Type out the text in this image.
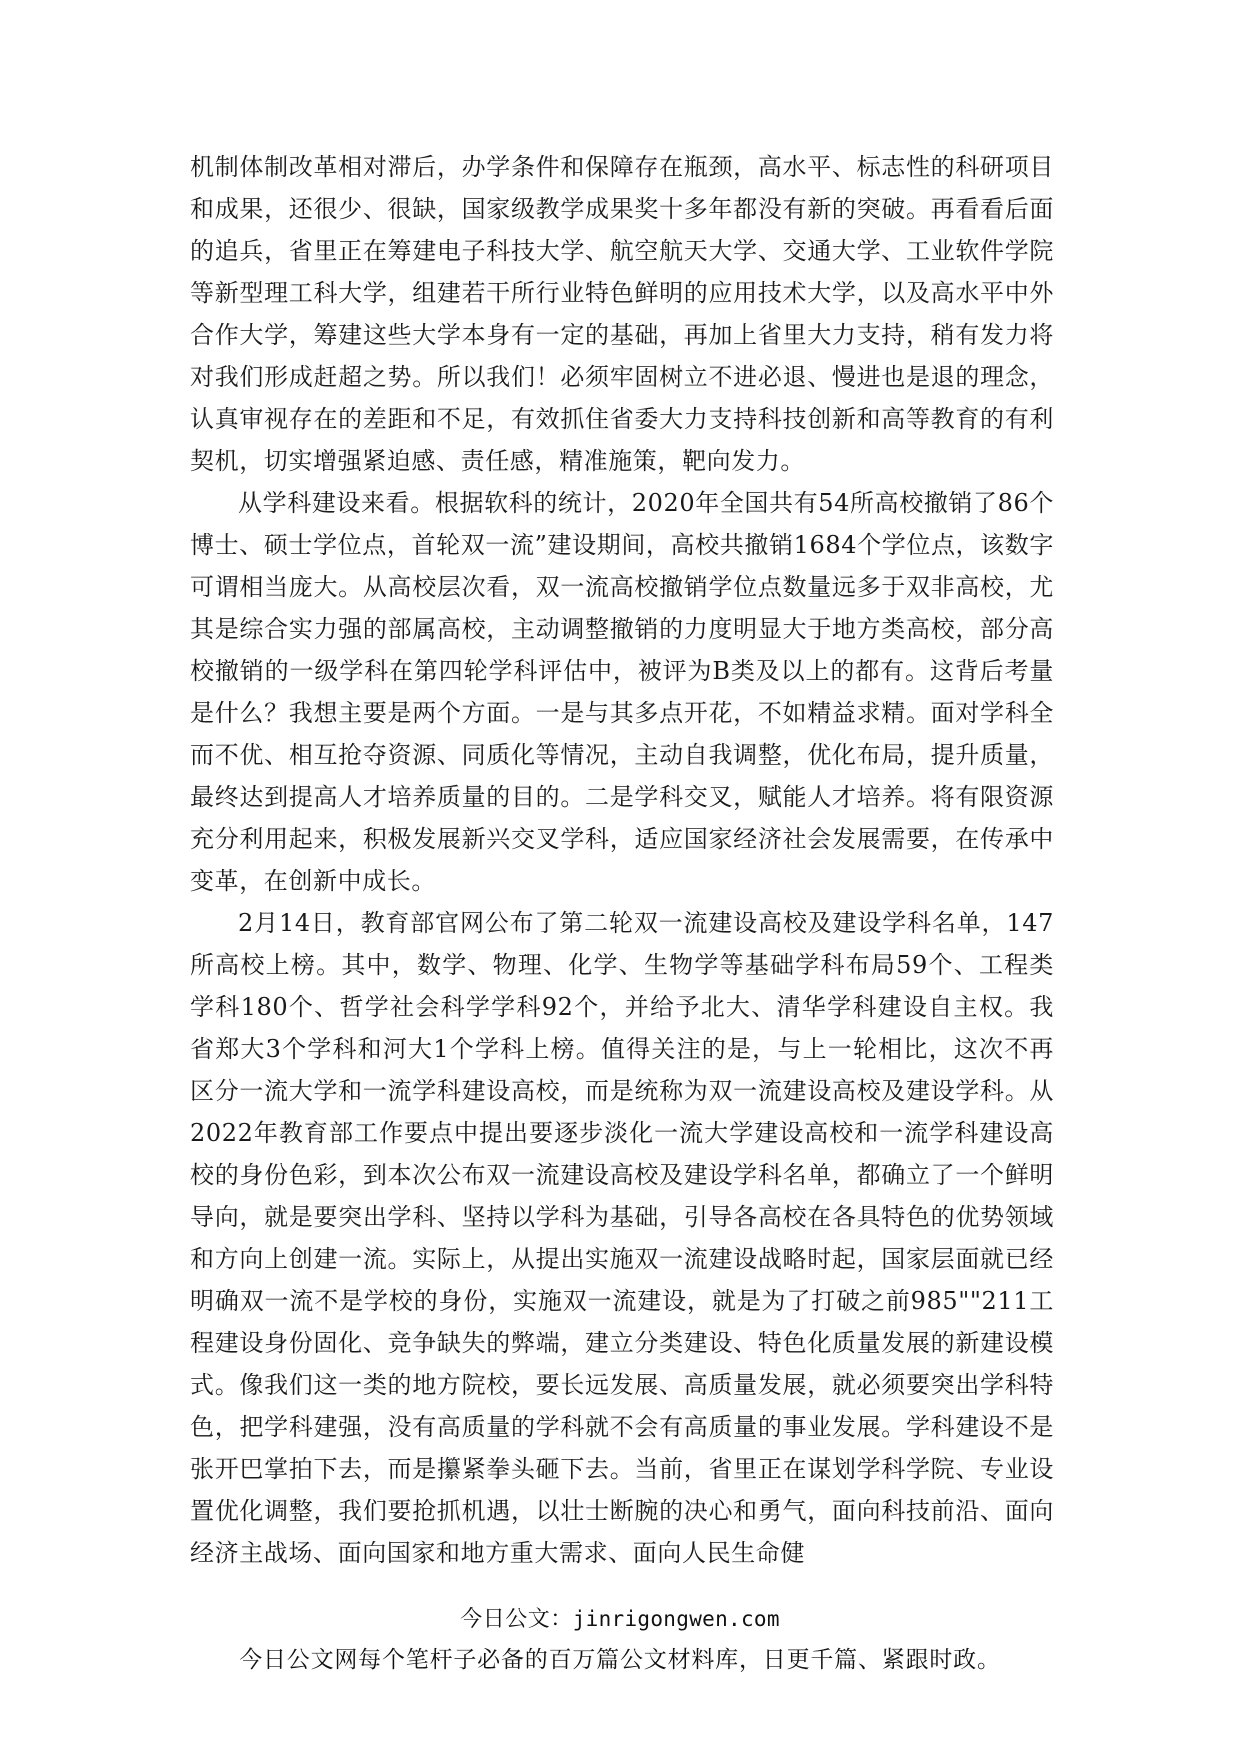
机制体制改革相对滞后，办学条件和保障存在瓶颈，高水平、标志性的科研项目和成果，还很少、很缺，国家级教学成果奖十多年都没有新的突破。再看看后面的追兵，省里正在筹建电子科技大学、航空航天大学、交通大学、工业软件学院等新型理工科大学，组建若干所行业特色鲜明的应用技术大学，以及高水平中外合作大学，筹建这些大学本身有一定的基础，再加上省里大力支持，稍有发力将对我们形成赶超之势。所以我们！必须牢固树立不进必退、慢进也是退的理念，认真审视存在的差距和不足，有效抓住省委大力支持科技创新和高等教育的有利契机，切实增强紧迫感、责任感，精准施策，靶向发力。

从学科建设来看。根据软科的统计，2020年全国共有54所高校撤销了86个博士、硕士学位点，首轮双一流”建设期间，高校共撤销1684个学位点，该数字可谓相当庞大。从高校层次看，双一流高校撤销学位点数量远多于双非高校，尤其是综合实力强的部属高校，主动调整撤销的力度明显大于地方类高校，部分高校撤销的一级学科在第四轮学科评估中，被评为B类及以上的都有。这背后考量是什么？我想主要是两个方面。一是与其多点开花，不如精益求精。面对学科全而不优、相互抢夺资源、同质化等情况，主动自我调整，优化布局，提升质量，最终达到提高人才培养质量的目的。二是学科交叉，赋能人才培养。将有限资源充分利用起来，积极发展新兴交叉学科，适应国家经济社会发展需要，在传承中变革，在创新中成长。

2月14日，教育部官网公布了第二轮双一流建设高校及建设学科名单，147所高校上榜。其中，数学、物理、化学、生物学等基础学科布局59个、工程类学科180个、哲学社会科学学科92个，并给予北大、清华学科建设自主权。我省郑大3个学科和河大1个学科上榜。值得关注的是，与上一轮相比，这次不再区分一流大学和一流学科建设高校，而是统称为双一流建设高校及建设学科。从2022年教育部工作要点中提出要逐步淡化一流大学建设高校和一流学科建设高校的身份色彩，到本次公布双一流建设高校及建设学科名单，都确立了一个鲜明导向，就是要突出学科、坚持以学科为基础，引导各高校在各具特色的优势领域和方向上创建一流。实际上，从提出实施双一流建设战略时起，国家层面就已经明确双一流不是学校的身份，实施双一流建设，就是为了打破之前985""211工程建设身份固化、竞争缺失的弊端，建立分类建设、特色化质量发展的新建设模式。像我们这一类的地方院校，要长远发展、高质量发展，就必须要突出学科特色，把学科建强，没有高质量的学科就不会有高质量的事业发展。学科建设不是张开巴掌拍下去，而是攥紧拳头砸下去。当前，省里正在谋划学科学院、专业设置优化调整，我们要抢抓机遇，以壮士断腕的决心和勇气，面向科技前沿、面向经济主战场、面向国家和地方重大需求、面向人民生命健

今日公文：jinrigongwen.com
今日公文网每个笔杆子必备的百万篇公文材料库，日更千篇、紧跟时政。
